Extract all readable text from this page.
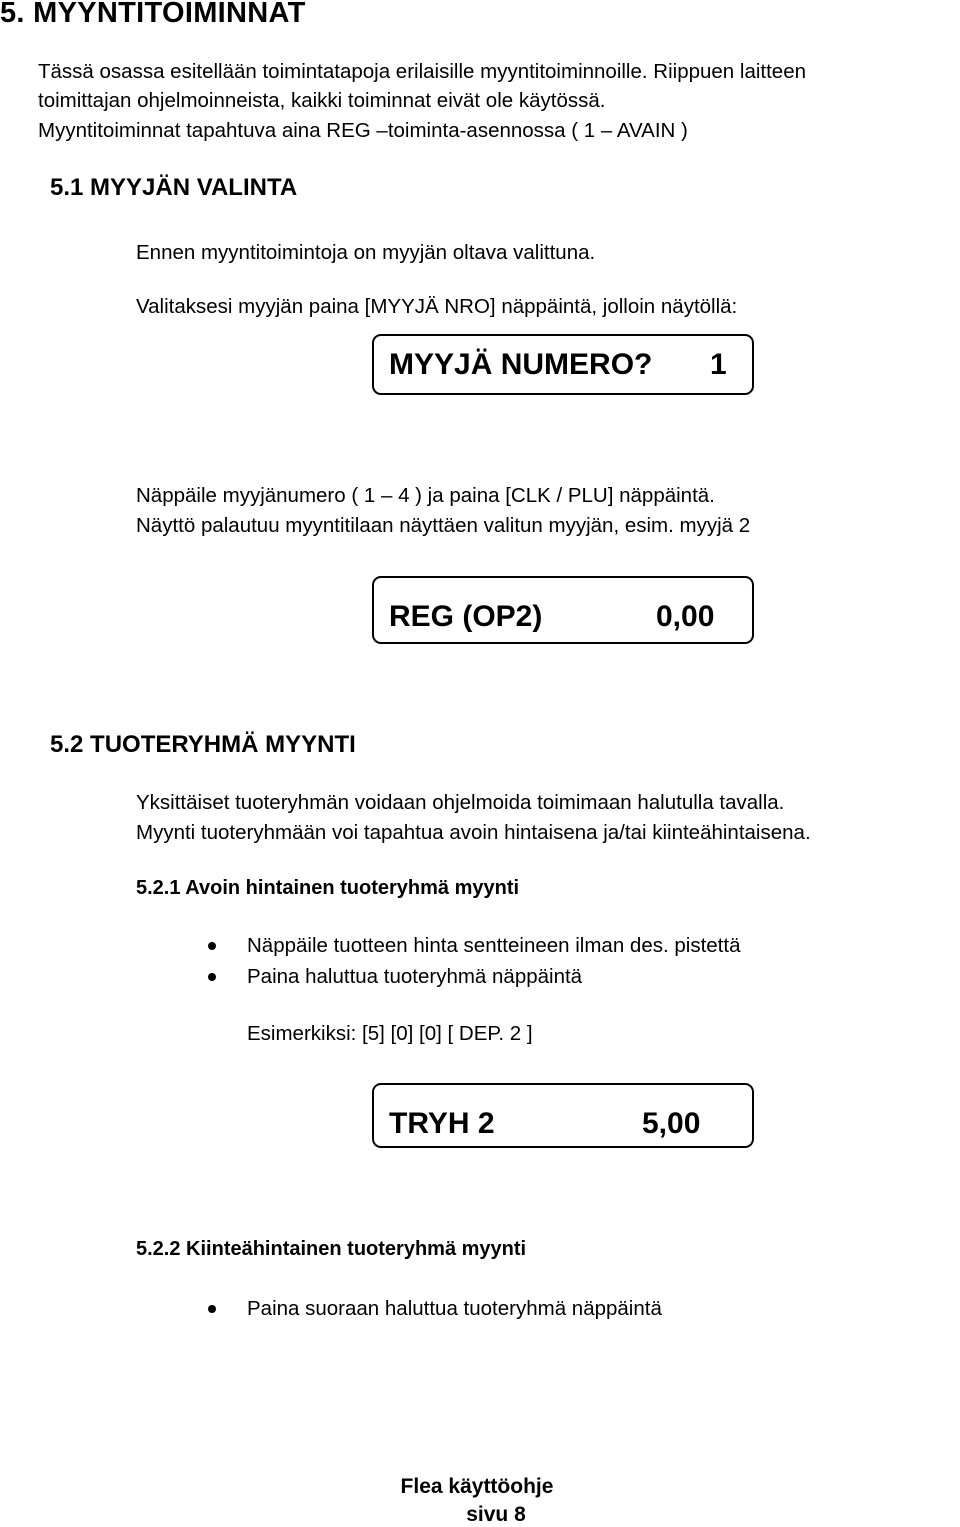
5. MYYNTITOIMINNAT
Tässä osassa esitellään toimintatapoja erilaisille myyntitoiminnoille. Riippuen laitteen
toimittajan ohjelmoinneista, kaikki toiminnat eivät ole käytössä.
Myyntitoiminnat tapahtuva aina REG –toiminta-asennossa ( 1 – AVAIN )
5.1 MYYJÄN VALINTA
Ennen myyntitoimintoja on myyjän oltava valittuna.
Valitaksesi myyjän paina [MYYJÄ NRO] näppäintä, jolloin näytöllä:
MYYJÄ NUMERO? 1
Näppäile myyjänumero ( 1 – 4 ) ja paina [CLK / PLU] näppäintä.
Näyttö palautuu myyntitilaan näyttäen valitun myyjän, esim. myyjä 2
REG (OP2)	0,00
5.2 TUOTERYHMÄ MYYNTI
Yksittäiset tuoteryhmän voidaan ohjelmoida toimimaan halutulla tavalla.
Myynti tuoteryhmään voi tapahtua avoin hintaisena ja/tai kiinteähintaisena.
5.2.1 Avoin hintainen tuoteryhmä myynti
Näppäile tuotteen hinta sentteineen ilman des. pistettä
Paina haluttua tuoteryhmä näppäintä
Esimerkiksi: [5] [0] [0] [ DEP. 2 ]
TRYH 2	5,00
5.2.2 Kiinteähintainen tuoteryhmä myynti
Paina suoraan haluttua tuoteryhmä näppäintä
Flea käyttöohje
sivu 8
